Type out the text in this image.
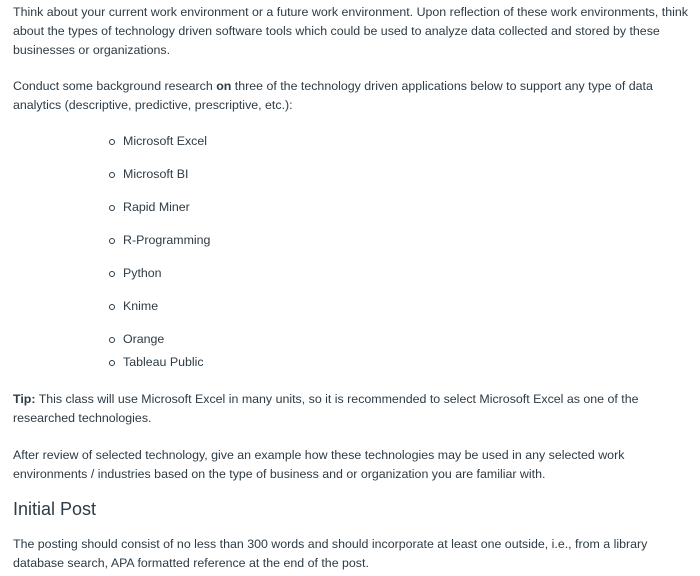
Think about your current work environment or a future work environment. Upon reflection of these work environments, think about the types of technology driven software tools which could be used to analyze data collected and stored by these businesses or organizations.

Conduct some background research on three of the technology driven applications below to support any type of data analytics (descriptive, predictive, prescriptive, etc.):

Microsoft Excel
Microsoft BI
Rapid Miner
R-Programming
Python
Knime
Orange
Tableau Public

Tip: This class will use Microsoft Excel in many units, so it is recommended to select Microsoft Excel as one of the researched technologies.

After review of selected technology, give an example how these technologies may be used in any selected work environments / industries based on the type of business and or organization you are familiar with.

Initial Post

The posting should consist of no less than 300 words and should incorporate at least one outside, i.e., from a library database search, APA formatted reference at the end of the post.
